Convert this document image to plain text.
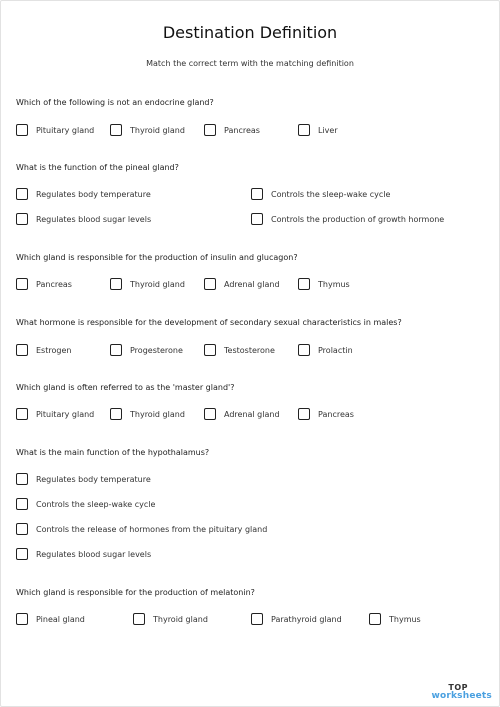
Destination Definition
Match the correct term with the matching definition
Which of the following is not an endocrine gland?
Pituitary gland	Thyroid gland	Pancreas	Liver
What is the function of the pineal gland?
Regulates body temperature	Controls the sleep-wake cycle
Regulates blood sugar levels	Controls the production of growth hormone
Which gland is responsible for the production of insulin and glucagon?
Pancreas	Thyroid gland	Adrenal gland	Thymus
What hormone is responsible for the development of secondary sexual characteristics in males?
Estrogen	Progesterone	Testosterone	Prolactin
Which gland is often referred to as the 'master gland'?
Pituitary gland	Thyroid gland	Adrenal gland	Pancreas
What is the main function of the hypothalamus?
Regulates body temperature
Controls the sleep-wake cycle
Controls the release of hormones from the pituitary gland
Regulates blood sugar levels
Which gland is responsible for the production of melatonin?
Pineal gland	Thyroid gland	Parathyroid gland	Thymus
TOP
worksheets
